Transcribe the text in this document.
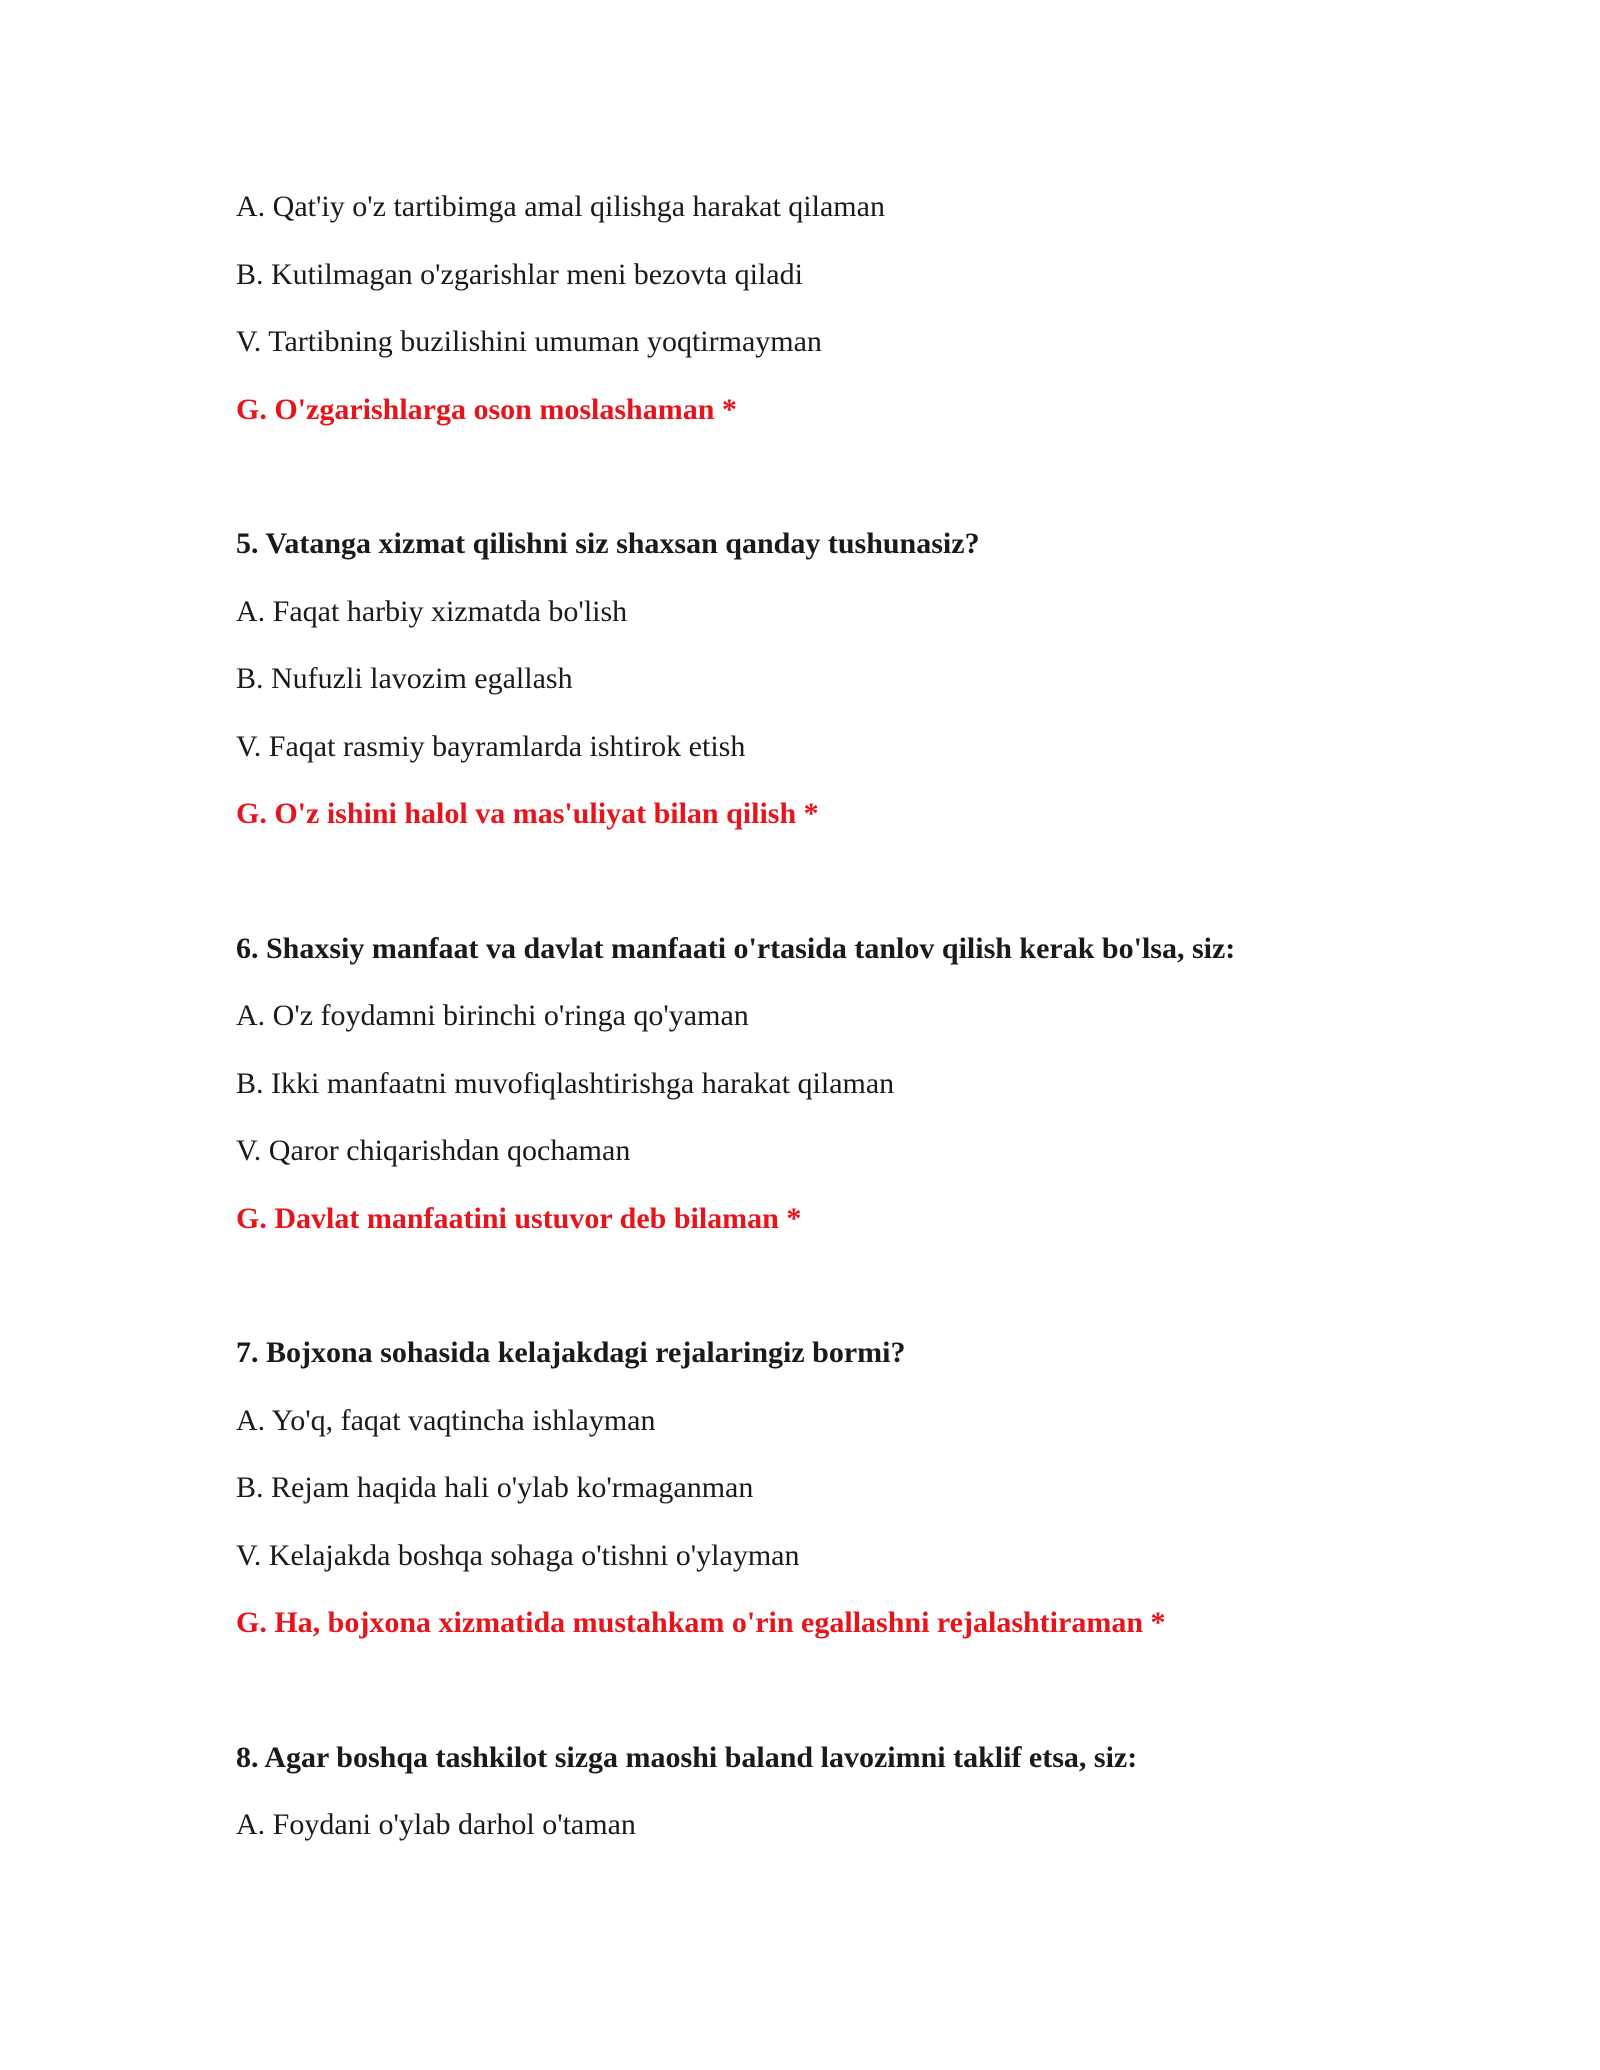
A. Qat'iy o'z tartibimga amal qilishga harakat qilaman

B. Kutilmagan o'zgarishlar meni bezovta qiladi

V. Tartibning buzilishini umuman yoqtirmayman

G. O'zgarishlarga oson moslashaman *

5. Vatanga xizmat qilishni siz shaxsan qanday tushunasiz?

A. Faqat harbiy xizmatda bo'lish

B. Nufuzli lavozim egallash

V. Faqat rasmiy bayramlarda ishtirok etish

G. O'z ishini halol va mas'uliyat bilan qilish *

6. Shaxsiy manfaat va davlat manfaati o'rtasida tanlov qilish kerak bo'lsa, siz:

A. O'z foydamni birinchi o'ringa qo'yaman

B. Ikki manfaatni muvofiqlashtirishga harakat qilaman

V. Qaror chiqarishdan qochaman

G. Davlat manfaatini ustuvor deb bilaman *

7. Bojxona sohasida kelajakdagi rejalaringiz bormi?

A. Yo'q, faqat vaqtincha ishlayman

B. Rejam haqida hali o'ylab ko'rmaganman

V. Kelajakda boshqa sohaga o'tishni o'ylayman

G. Ha, bojxona xizmatida mustahkam o'rin egallashni rejalashtiraman *

8. Agar boshqa tashkilot sizga maoshi baland lavozimni taklif etsa, siz:

A. Foydani o'ylab darhol o'taman
